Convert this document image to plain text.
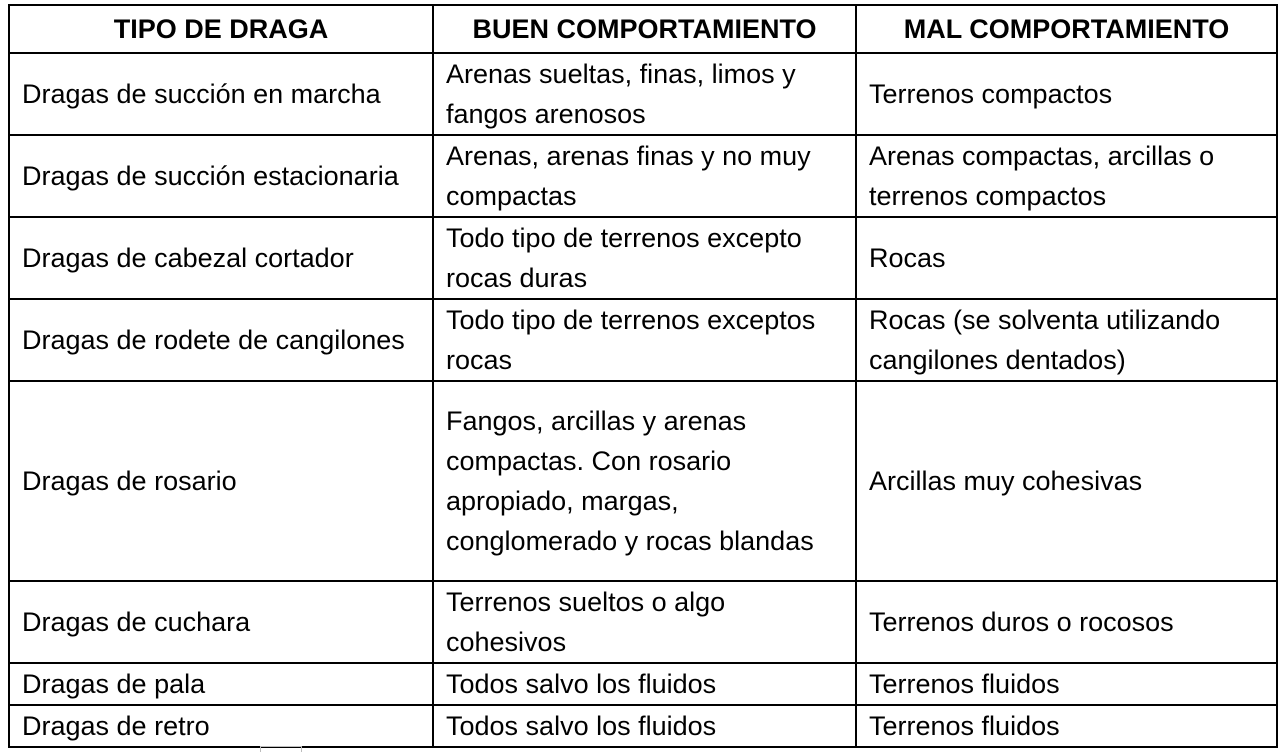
TIPO DE DRAGA	BUEN COMPORTAMIENTO	MAL COMPORTAMIENTO
Dragas de succión en marcha	Arenas sueltas, finas, limos y fangos arenosos	Terrenos compactos
Dragas de succión estacionaria	Arenas, arenas finas y no muy compactas	Arenas compactas, arcillas o terrenos compactos
Dragas de cabezal cortador	Todo tipo de terrenos excepto rocas duras	Rocas
Dragas de rodete de cangilones	Todo tipo de terrenos exceptos rocas	Rocas (se solventa utilizando cangilones dentados)
Dragas de rosario	Fangos, arcillas y arenas compactas. Con rosario apropiado, margas, conglomerado y rocas blandas	Arcillas muy cohesivas
Dragas de cuchara	Terrenos sueltos o algo cohesivos	Terrenos duros o rocosos
Dragas de pala	Todos salvo los fluidos	Terrenos fluidos
Dragas de retro	Todos salvo los fluidos	Terrenos fluidos
